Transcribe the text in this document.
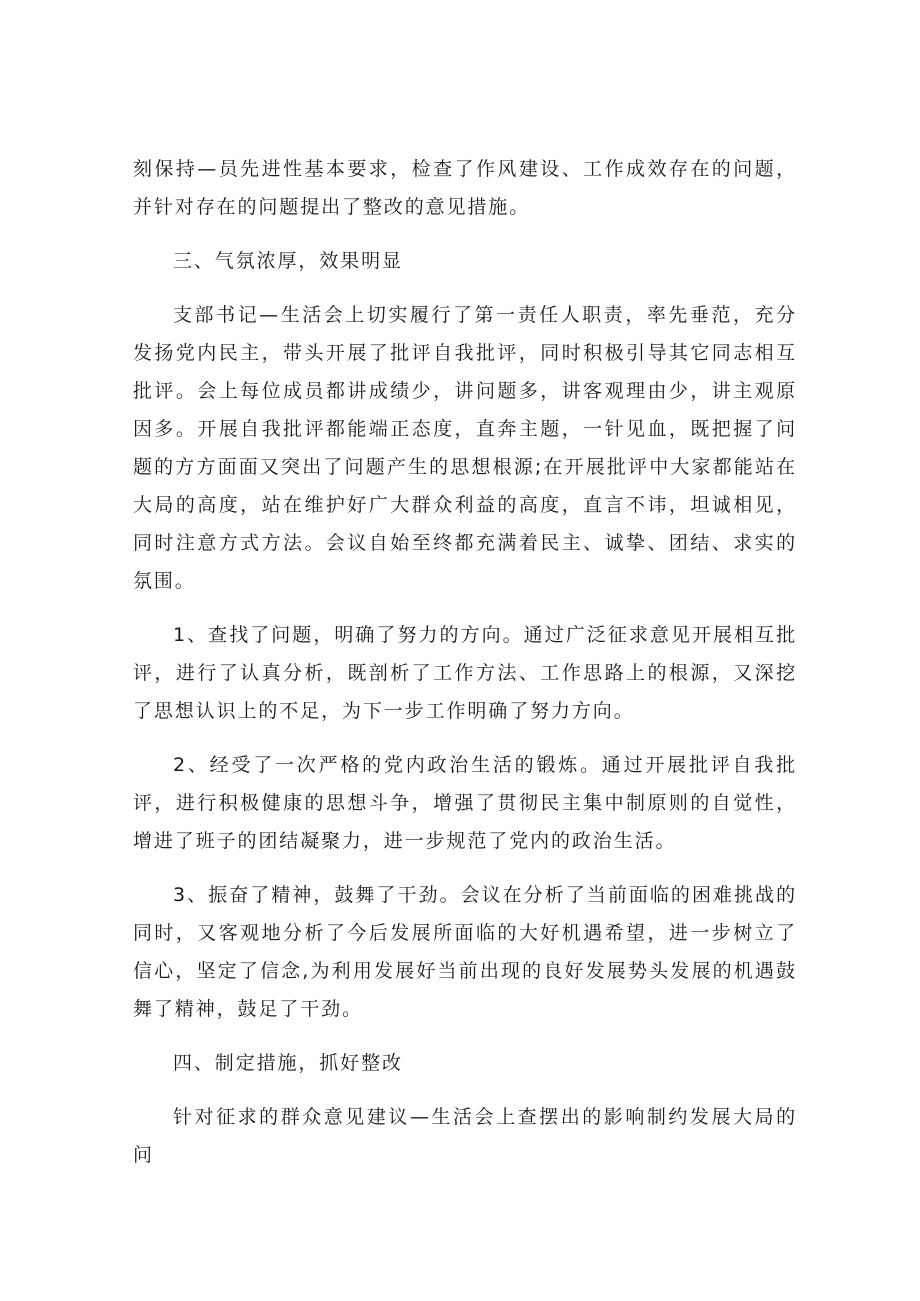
刻保持—员先进性基本要求，检查了作风建设、工作成效存在的问题，并针对存在的问题提出了整改的意见措施。

三、气氛浓厚，效果明显

支部书记—生活会上切实履行了第一责任人职责，率先垂范，充分发扬党内民主，带头开展了批评自我批评，同时积极引导其它同志相互批评。会上每位成员都讲成绩少，讲问题多，讲客观理由少，讲主观原因多。开展自我批评都能端正态度，直奔主题，一针见血，既把握了问题的方方面面又突出了问题产生的思想根源;在开展批评中大家都能站在大局的高度，站在维护好广大群众利益的高度，直言不讳，坦诚相见，同时注意方式方法。会议自始至终都充满着民主、诚挚、团结、求实的氛围。

1、查找了问题，明确了努力的方向。通过广泛征求意见开展相互批评，进行了认真分析，既剖析了工作方法、工作思路上的根源，又深挖了思想认识上的不足，为下一步工作明确了努力方向。

2、经受了一次严格的党内政治生活的锻炼。通过开展批评自我批评，进行积极健康的思想斗争，增强了贯彻民主集中制原则的自觉性，增进了班子的团结凝聚力，进一步规范了党内的政治生活。

3、振奋了精神，鼓舞了干劲。会议在分析了当前面临的困难挑战的同时，又客观地分析了今后发展所面临的大好机遇希望，进一步树立了信心，坚定了信念,为利用发展好当前出现的良好发展势头发展的机遇鼓舞了精神，鼓足了干劲。

四、制定措施，抓好整改

针对征求的群众意见建议—生活会上查摆出的影响制约发展大局的问
